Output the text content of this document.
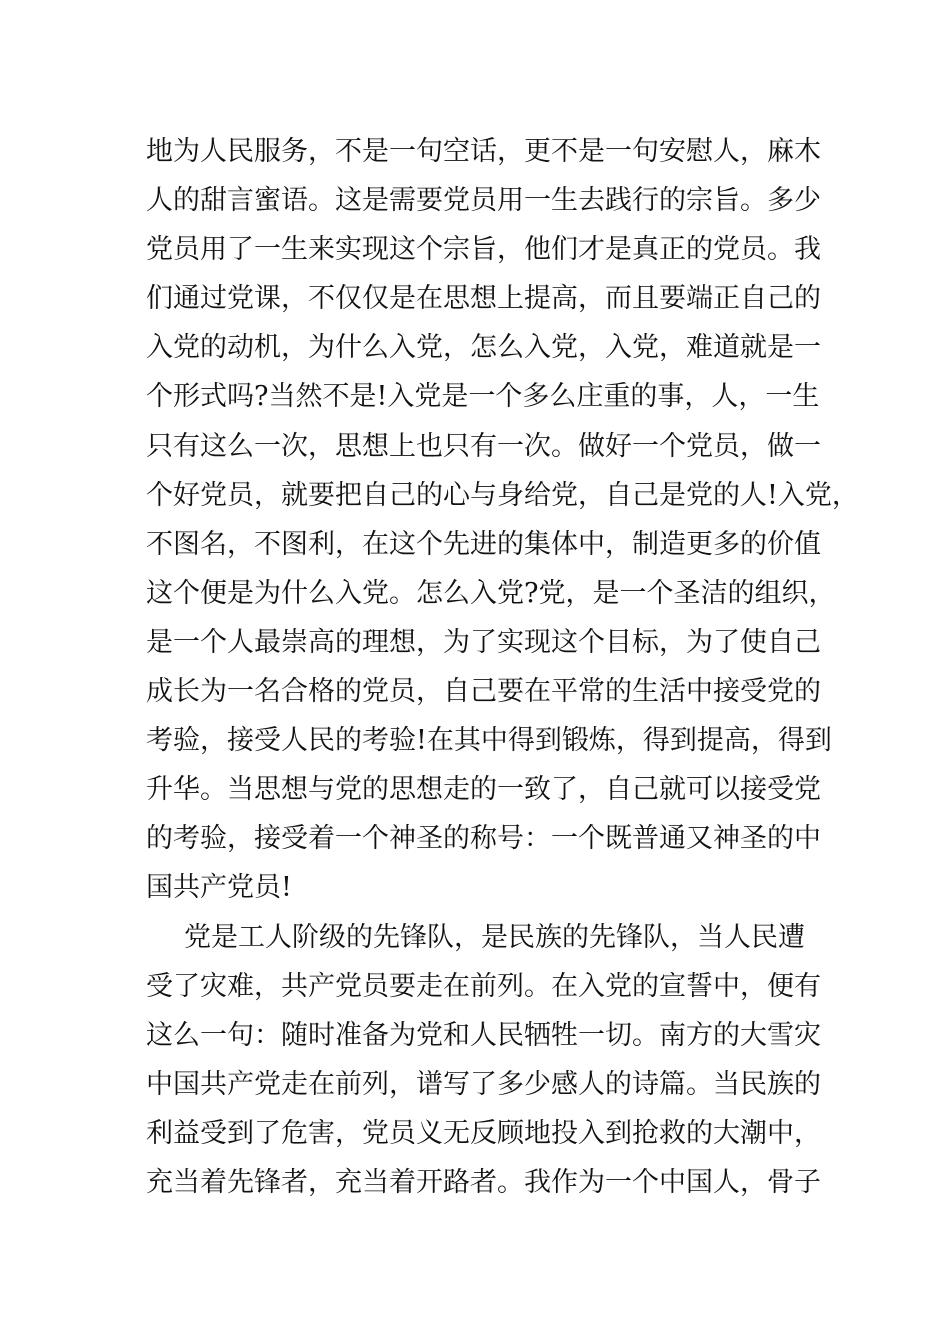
地为人民服务，不是一句空话，更不是一句安慰人，麻木
人的甜言蜜语。这是需要党员用一生去践行的宗旨。多少
党员用了一生来实现这个宗旨，他们才是真正的党员。我
们通过党课，不仅仅是在思想上提高，而且要端正自己的
入党的动机，为什么入党，怎么入党，入党，难道就是一
个形式吗?当然不是!入党是一个多么庄重的事，人，一生
只有这么一次，思想上也只有一次。做好一个党员，做一
个好党员，就要把自己的心与身给党，自己是党的人!入党，
不图名，不图利，在这个先进的集体中，制造更多的价值
这个便是为什么入党。怎么入党?党，是一个圣洁的组织，
是一个人最崇高的理想，为了实现这个目标，为了使自己
成长为一名合格的党员，自己要在平常的生活中接受党的
考验，接受人民的考验!在其中得到锻炼，得到提高，得到
升华。当思想与党的思想走的一致了，自己就可以接受党
的考验，接受着一个神圣的称号：一个既普通又神圣的中
国共产党员!
党是工人阶级的先锋队，是民族的先锋队，当人民遭
受了灾难，共产党员要走在前列。在入党的宣誓中，便有
这么一句：随时准备为党和人民牺牲一切。南方的大雪灾
中国共产党走在前列，谱写了多少感人的诗篇。当民族的
利益受到了危害，党员义无反顾地投入到抢救的大潮中，
充当着先锋者，充当着开路者。我作为一个中国人，骨子
